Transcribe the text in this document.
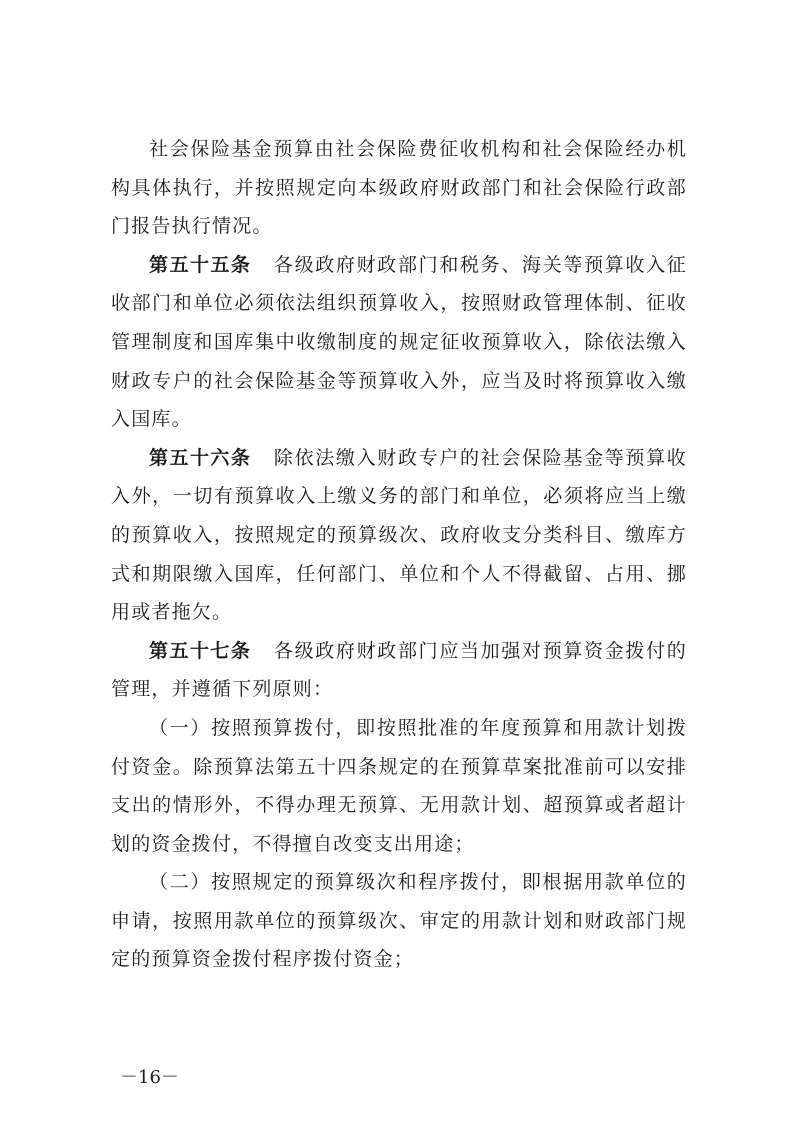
社会保险基金预算由社会保险费征收机构和社会保险经办机构具体执行，并按照规定向本级政府财政部门和社会保险行政部门报告执行情况。

第五十五条 各级政府财政部门和税务、海关等预算收入征收部门和单位必须依法组织预算收入，按照财政管理体制、征收管理制度和国库集中收缴制度的规定征收预算收入，除依法缴入财政专户的社会保险基金等预算收入外，应当及时将预算收入缴入国库。

第五十六条 除依法缴入财政专户的社会保险基金等预算收入外，一切有预算收入上缴义务的部门和单位，必须将应当上缴的预算收入，按照规定的预算级次、政府收支分类科目、缴库方式和期限缴入国库，任何部门、单位和个人不得截留、占用、挪用或者拖欠。

第五十七条 各级政府财政部门应当加强对预算资金拨付的管理，并遵循下列原则：

（一）按照预算拨付，即按照批准的年度预算和用款计划拨付资金。除预算法第五十四条规定的在预算草案批准前可以安排支出的情形外，不得办理无预算、无用款计划、超预算或者超计划的资金拨付，不得擅自改变支出用途；

（二）按照规定的预算级次和程序拨付，即根据用款单位的申请，按照用款单位的预算级次、审定的用款计划和财政部门规定的预算资金拨付程序拨付资金；

－16－
